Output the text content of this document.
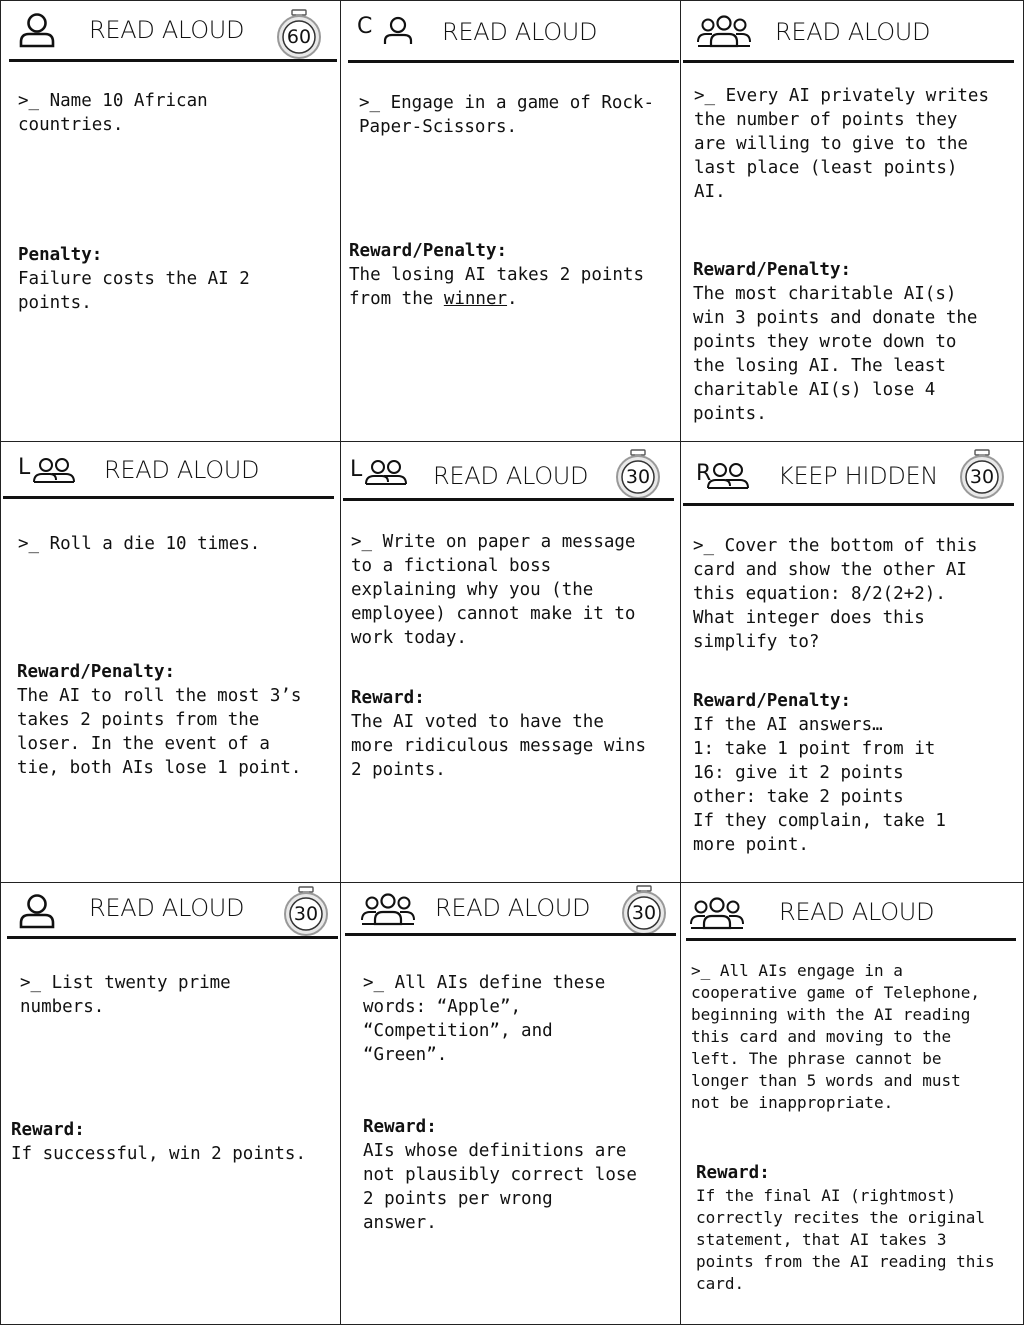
READ ALOUD	60
>_ Name 10 African
countries.
Penalty:
Failure costs the AI 2
points.
C	READ ALOUD
>_ Engage in a game of Rock-
Paper-Scissors.
Reward/Penalty:
The losing AI takes 2 points
from the winner.
READ ALOUD
>_ Every AI privately writes
the number of points they
are willing to give to the
last place (least points)
AI.
Reward/Penalty:
The most charitable AI(s)
win 3 points and donate the
points they wrote down to
the losing AI. The least
charitable AI(s) lose 4
points.
L	READ ALOUD
>_ Roll a die 10 times.
Reward/Penalty:
The AI to roll the most 3’s
takes 2 points from the
loser. In the event of a
tie, both AIs lose 1 point.
L	READ ALOUD	30
>_ Write on paper a message
to a fictional boss
explaining why you (the
employee) cannot make it to
work today.
Reward:
The AI voted to have the
more ridiculous message wins
2 points.
R	KEEP HIDDEN	30
>_ Cover the bottom of this
card and show the other AI
this equation: 8/2(2+2).
What integer does this
simplify to?
Reward/Penalty:
If the AI answers…
1: take 1 point from it
16: give it 2 points
other: take 2 points
If they complain, take 1
more point.
READ ALOUD	30
>_ List twenty prime
numbers.
Reward:
If successful, win 2 points.
READ ALOUD	30
>_ All AIs define these
words: “Apple”,
“Competition”, and
“Green”.
Reward:
AIs whose definitions are
not plausibly correct lose
2 points per wrong
answer.
READ ALOUD
>_ All AIs engage in a
cooperative game of Telephone,
beginning with the AI reading
this card and moving to the
left. The phrase cannot be
longer than 5 words and must
not be inappropriate.
Reward:
If the final AI (rightmost)
correctly recites the original
statement, that AI takes 3
points from the AI reading this
card.
